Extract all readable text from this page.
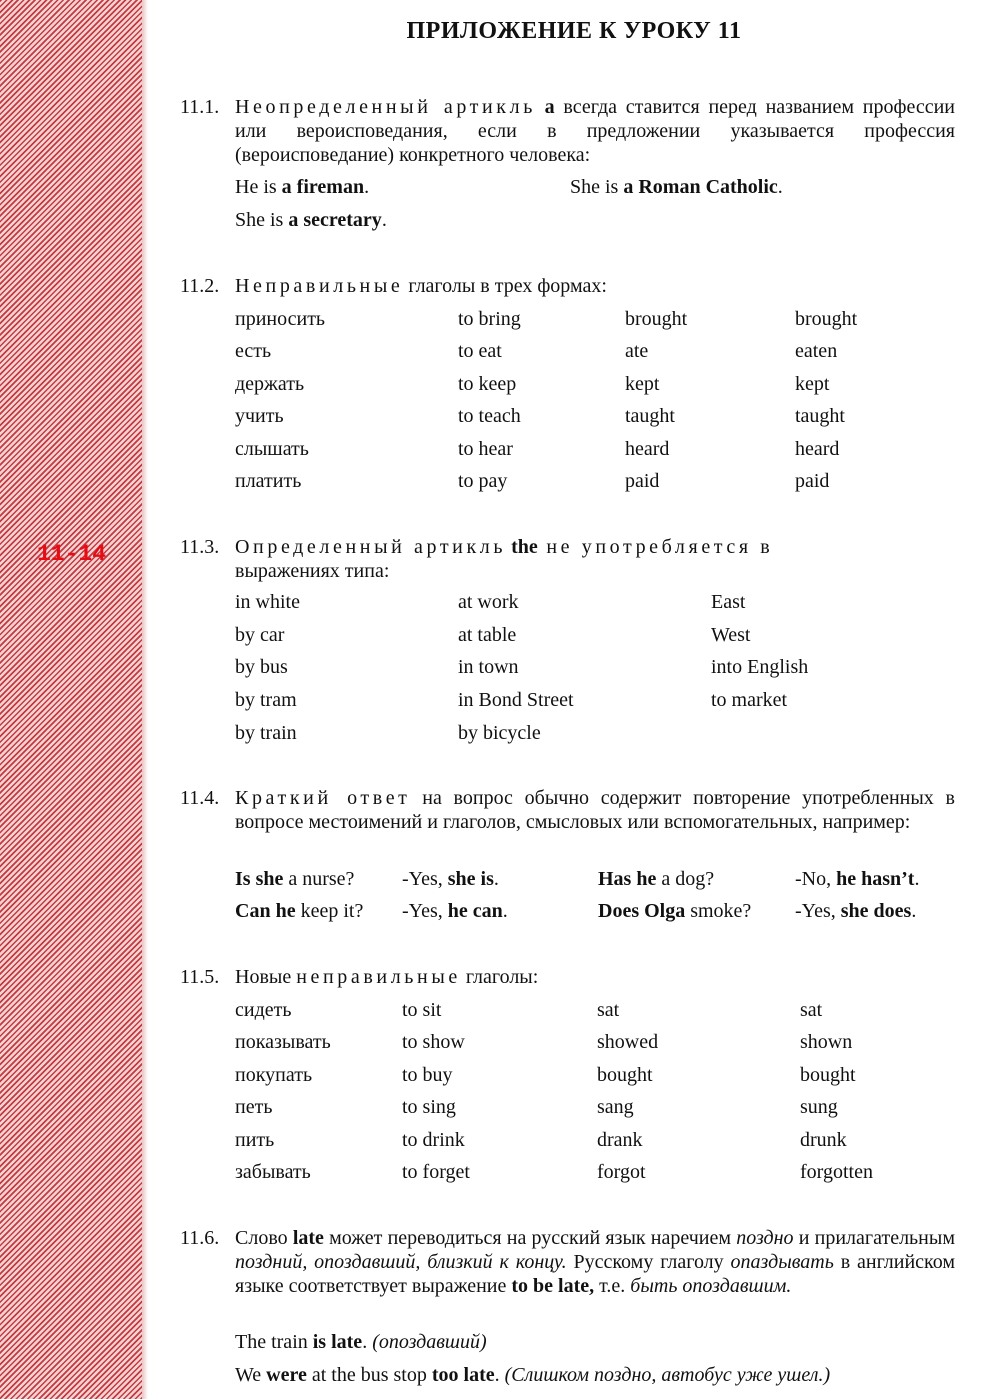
11-14
ПРИЛОЖЕНИЕ К УРОКУ 11
11.1. Неопределенный артикль a всегда ставится перед названием профессии или вероисповедания, если в предложении указывается профессия (вероисповедание) конкретного человека:
He is a fireman.	She is a Roman Catholic.
She is a secretary.
11.2. Неправильные глаголы в трех формах:
приносить	to bring	brought	brought
есть	to eat	ate	eaten
держать	to keep	kept	kept
учить	to teach	taught	taught
слышать	to hear	heard	heard
платить	to pay	paid	paid
11.3. Определенный артикль the не употребляется в
выражениях типа:
in white	at work	East
by car	at table	West
by bus	in town	into English
by tram	in Bond Street	to market
by train	by bicycle
11.4. Краткий ответ на вопрос обычно содержит повторение употребленных в вопросе местоимений и глаголов, смысловых или вспомогательных, например:
Is she a nurse? -Yes, she is.	Has he a dog?	-No, he hasn’t.
Can he keep it? -Yes, he can.	Does Olga smoke? -Yes, she does.
11.5. Новые неправильные глаголы:
сидеть	to sit	sat	sat
показывать	to show	showed	shown
покупать	to buy	bought	bought
петь	to sing	sang	sung
пить	to drink	drank	drunk
забывать	to forget	forgot	forgotten
11.6. Слово late может переводиться на русский язык наречием поздно и прилагательным поздний, опоздавший, близкий к концу. Русскому глаголу опаздывать в английском языке соответствует выражение to be late, т.е. быть опоздавшим.
The train is late. (опоздавший)
We were at the bus stop too late. (Слишком поздно, автобус уже ушел.)
